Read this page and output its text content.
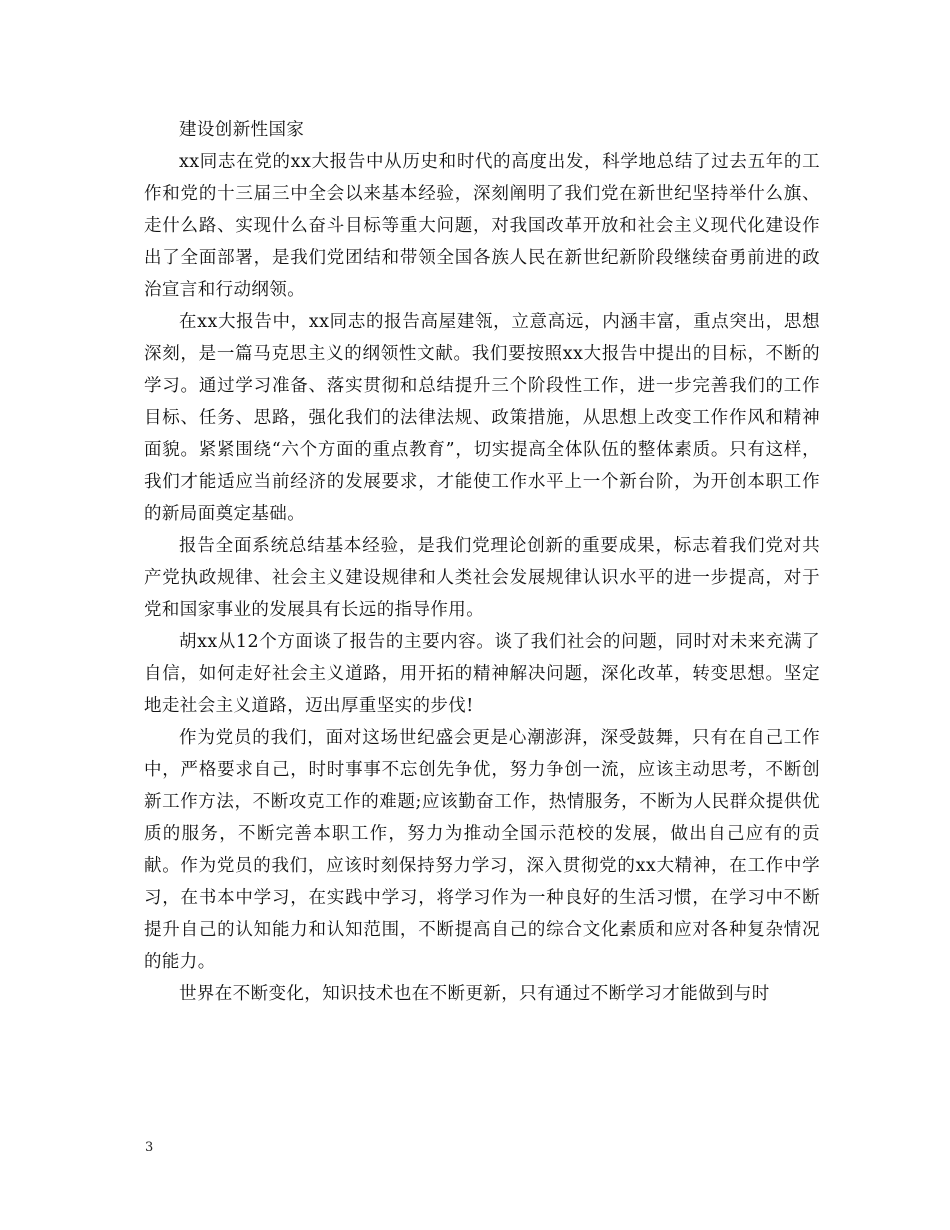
建设创新性国家

xx同志在党的xx大报告中从历史和时代的高度出发，科学地总结了过去五年的工作和党的十三届三中全会以来基本经验，深刻阐明了我们党在新世纪坚持举什么旗、走什么路、实现什么奋斗目标等重大问题，对我国改革开放和社会主义现代化建设作出了全面部署，是我们党团结和带领全国各族人民在新世纪新阶段继续奋勇前进的政治宣言和行动纲领。

在xx大报告中，xx同志的报告高屋建瓴，立意高远，内涵丰富，重点突出，思想深刻，是一篇马克思主义的纲领性文献。我们要按照xx大报告中提出的目标，不断的学习。通过学习准备、落实贯彻和总结提升三个阶段性工作，进一步完善我们的工作目标、任务、思路，强化我们的法律法规、政策措施，从思想上改变工作作风和精神面貌。紧紧围绕“六个方面的重点教育”，切实提高全体队伍的整体素质。只有这样，我们才能适应当前经济的发展要求，才能使工作水平上一个新台阶，为开创本职工作的新局面奠定基础。

报告全面系统总结基本经验，是我们党理论创新的重要成果，标志着我们党对共产党执政规律、社会主义建设规律和人类社会发展规律认识水平的进一步提高，对于党和国家事业的发展具有长远的指导作用。

胡xx从12个方面谈了报告的主要内容。谈了我们社会的问题，同时对未来充满了自信，如何走好社会主义道路，用开拓的精神解决问题，深化改革，转变思想。坚定地走社会主义道路，迈出厚重坚实的步伐!

作为党员的我们，面对这场世纪盛会更是心潮澎湃，深受鼓舞，只有在自己工作中，严格要求自己，时时事事不忘创先争优，努力争创一流，应该主动思考，不断创新工作方法，不断攻克工作的难题;应该勤奋工作，热情服务，不断为人民群众提供优质的服务，不断完善本职工作，努力为推动全国示范校的发展，做出自己应有的贡献。作为党员的我们，应该时刻保持努力学习，深入贯彻党的xx大精神，在工作中学习，在书本中学习，在实践中学习，将学习作为一种良好的生活习惯，在学习中不断提升自己的认知能力和认知范围，不断提高自己的综合文化素质和应对各种复杂情况的能力。

世界在不断变化，知识技术也在不断更新，只有通过不断学习才能做到与时

3
